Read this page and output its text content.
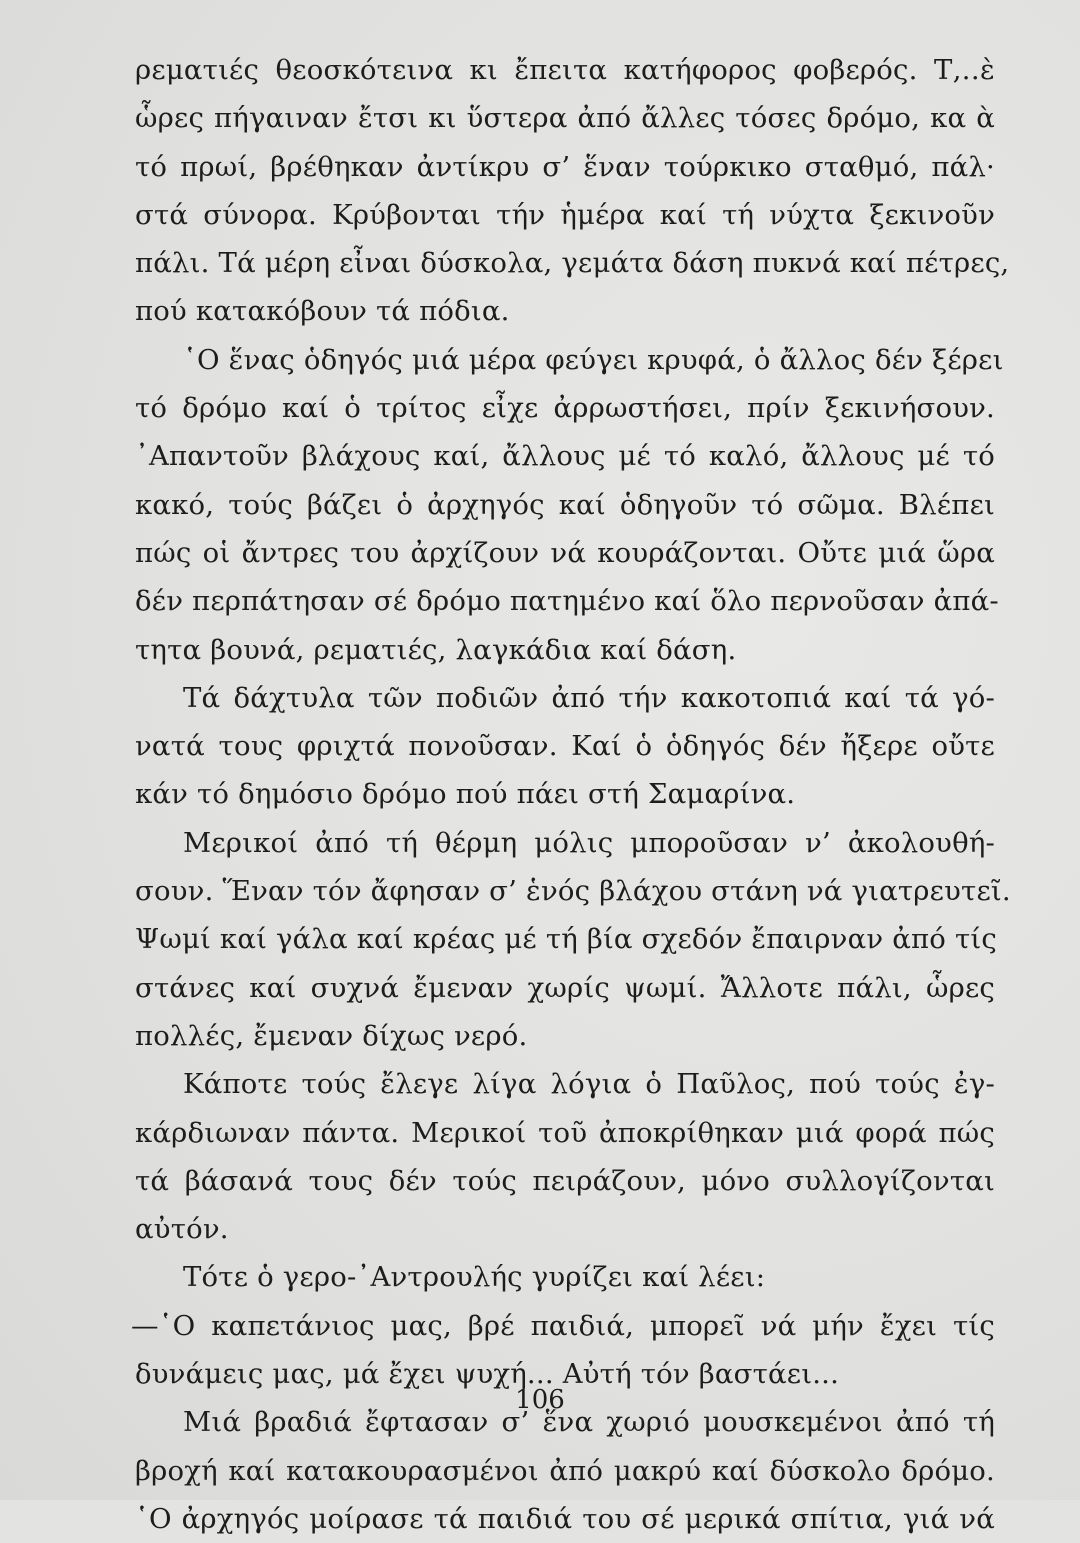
ρεματιές θεοσκότεινα κι ἔπειτα κατήφορος φοβερός. Τ‚‥ὲ
ὧρες πήγαιναν ἔτσι κι ὕστερα ἀπό ἄλλες τόσες δρόμο, κα ὰ
τό πρωί, βρέθηκαν ἀντίκρυ σ’ ἕναν τούρκικο σταθμό, πάλ·
στά σύνορα. Κρύβονται τήν ἡμέρα καί τή νύχτα ξεκινοῦν
πάλι. Τά μέρη εἶναι δύσκολα, γεμάτα δάση πυκνά καί πέτρες,
πού κατακόβουν τά πόδια.
῾Ο ἕνας ὁδηγός μιά μέρα φεύγει κρυφά, ὁ ἄλλος δέν ξέρει
τό δρόμο καί ὁ τρίτος εἶχε ἀρρωστήσει, πρίν ξεκινήσουν.
᾿Απαντοῦν βλάχους καί, ἄλλους μέ τό καλό, ἄλλους μέ τό
κακό, τούς βάζει ὁ ἀρχηγός καί ὁδηγοῦν τό σῶμα. Βλέπει
πώς οἱ ἄντρες του ἀρχίζουν νά κουράζονται. Οὔτε μιά ὥρα
δέν περπάτησαν σέ δρόμο πατημένο καί ὅλο περνοῦσαν ἀπά-
τητα βουνά, ρεματιές, λαγκάδια καί δάση.
Τά δάχτυλα τῶν ποδιῶν ἀπό τήν κακοτοπιά καί τά γό-
νατά τους φριχτά πονοῦσαν. Καί ὁ ὁδηγός δέν ἤξερε οὔτε
κάν τό δημόσιο δρόμο πού πάει στή Σαμαρίνα.
Μερικοί ἀπό τή θέρμη μόλις μποροῦσαν ν’ ἀκολουθή-
σουν. Ἕναν τόν ἄφησαν σ’ ἑνός βλάχου στάνη νά γιατρευτεῖ.
Ψωμί καί γάλα καί κρέας μέ τή βία σχεδόν ἔπαιρναν ἀπό τίς
στάνες καί συχνά ἔμεναν χωρίς ψωμί. Ἄλλοτε πάλι, ὧρες
πολλές, ἔμεναν δίχως νερό.
Κάποτε τούς ἔλεγε λίγα λόγια ὁ Παῦλος, πού τούς ἐγ-
κάρδιωναν πάντα. Μερικοί τοῦ ἀποκρίθηκαν μιά φορά πώς
τά βάσανά τους δέν τούς πειράζουν, μόνο συλλογίζονται
αὐτόν.
Τότε ὁ γερο-᾿Αντρουλής γυρίζει καί λέει:
—῾Ο καπετάνιος μας, βρέ παιδιά, μπορεῖ νά μήν ἔχει τίς
δυνάμεις μας, μά ἔχει ψυχή... Αὐτή τόν βαστάει...
Μιά βραδιά ἔφτασαν σ’ ἕνα χωριό μουσκεμένοι ἀπό τή
βροχή καί κατακουρασμένοι ἀπό μακρύ καί δύσκολο δρόμο.
῾Ο ἀρχηγός μοίρασε τά παιδιά του σέ μερικά σπίτια, γιά νά
106
